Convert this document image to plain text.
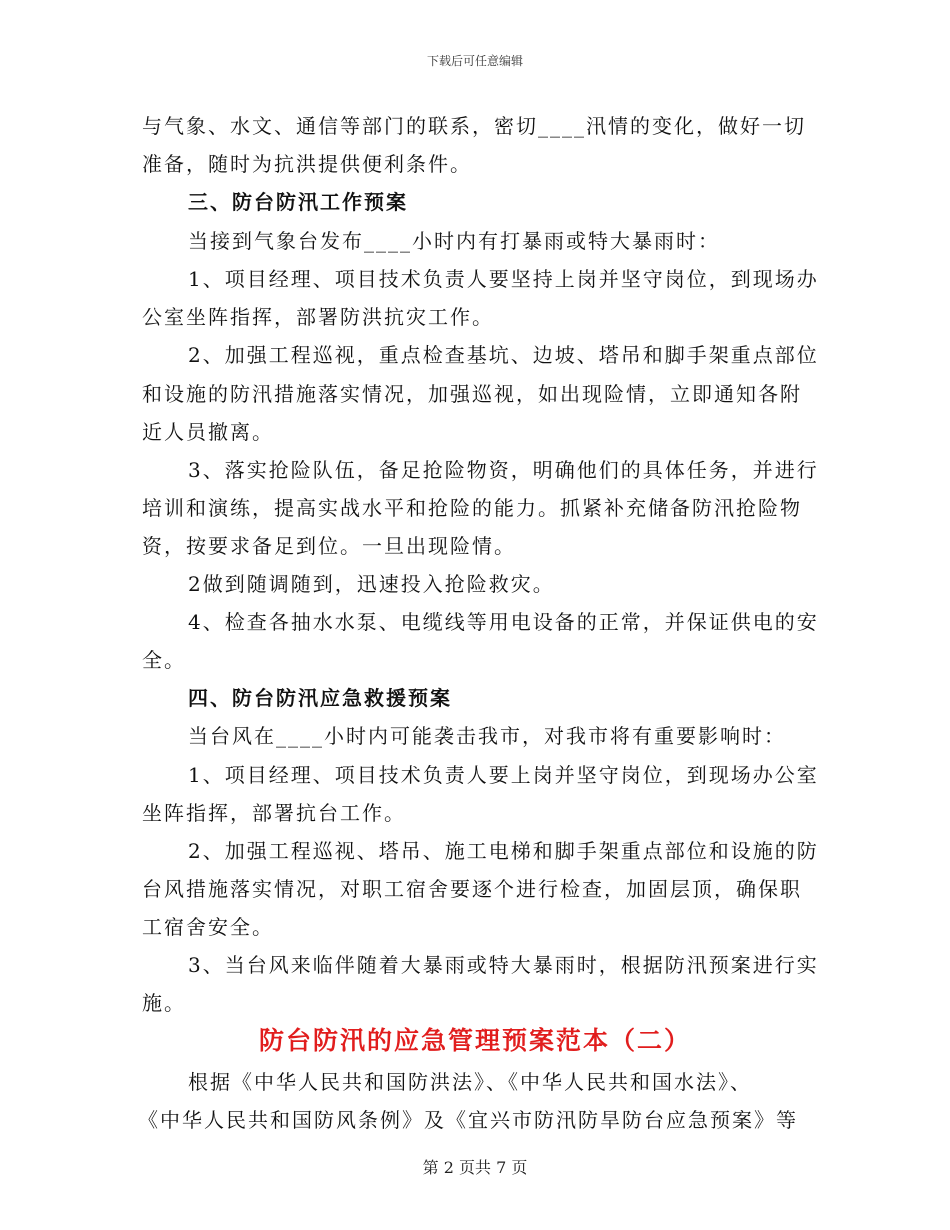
下载后可任意编辑
与气象、水文、通信等部门的联系，密切____汛情的变化，做好一切
准备，随时为抗洪提供便利条件。
三、防台防汛工作预案
当接到气象台发布____小时内有打暴雨或特大暴雨时：
1、项目经理、项目技术负责人要坚持上岗并坚守岗位，到现场办
公室坐阵指挥，部署防洪抗灾工作。
2、加强工程巡视，重点检查基坑、边坡、塔吊和脚手架重点部位
和设施的防汛措施落实情况，加强巡视，如出现险情，立即通知各附
近人员撤离。
3、落实抢险队伍，备足抢险物资，明确他们的具体任务，并进行
培训和演练，提高实战水平和抢险的能力。抓紧补充储备防汛抢险物
资，按要求备足到位。一旦出现险情。
2做到随调随到，迅速投入抢险救灾。
4、检查各抽水水泵、电缆线等用电设备的正常，并保证供电的安
全。
四、防台防汛应急救援预案
当台风在____小时内可能袭击我市，对我市将有重要影响时：
1、项目经理、项目技术负责人要上岗并坚守岗位，到现场办公室
坐阵指挥，部署抗台工作。
2、加强工程巡视、塔吊、施工电梯和脚手架重点部位和设施的防
台风措施落实情况，对职工宿舍要逐个进行检查，加固层顶，确保职
工宿舍安全。
3、当台风来临伴随着大暴雨或特大暴雨时，根据防汛预案进行实
施。
防台防汛的应急管理预案范本（二）
根据《中华人民共和国防洪法》、《中华人民共和国水法》、
《中华人民共和国防风条例》及《宜兴市防汛防旱防台应急预案》等
第 2 页共 7 页
